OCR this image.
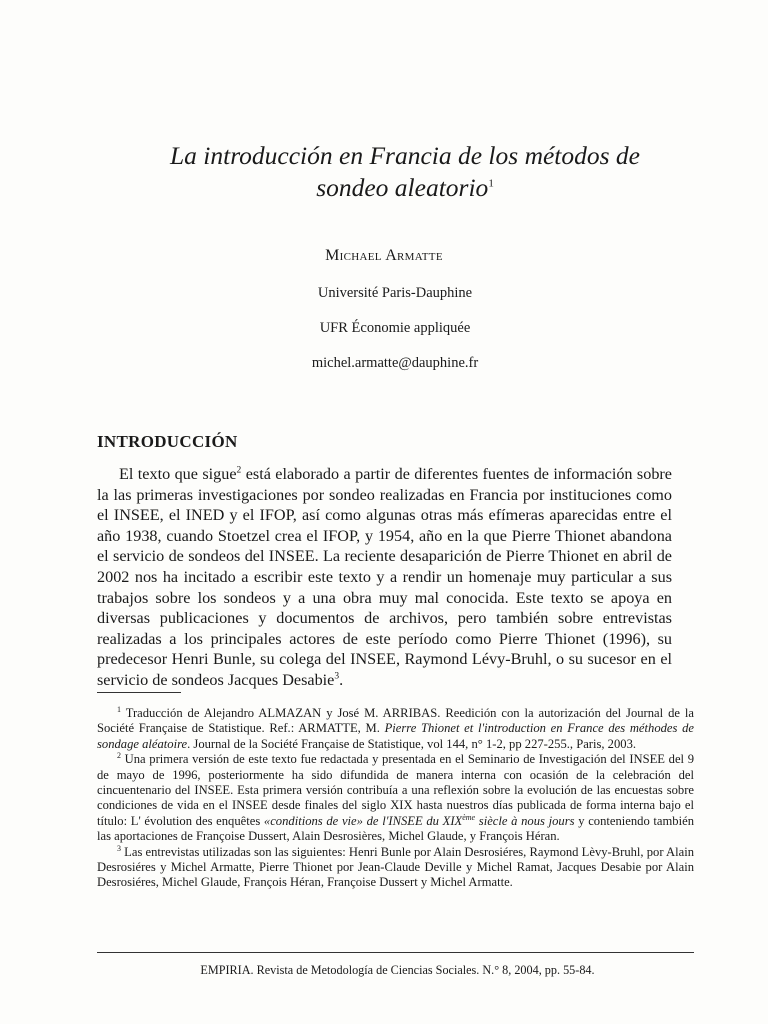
La introducción en Francia de los métodos de
sondeo aleatorio$^1$
Michael Armatte
Université Paris-Dauphine
UFR Économie appliquée
michel.armatte@dauphine.fr
INTRODUCCIÓN
El texto que sigue$^2$ está elaborado a partir de diferentes fuentes de información sobre la las primeras investigaciones por sondeo realizadas en Francia por instituciones como el INSEE, el INED y el IFOP, así como algunas otras más efímeras aparecidas entre el año 1938, cuando Stoetzel crea el IFOP, y 1954, año en la que Pierre Thionet abandona el servicio de sondeos del INSEE. La reciente desaparición de Pierre Thionet en abril de 2002 nos ha incitado a escribir este texto y a rendir un homenaje muy particular a sus trabajos sobre los sondeos y a una obra muy mal conocida. Este texto se apoya en diversas publicaciones y documentos de archivos, pero también sobre entrevistas realizadas a los principales actores de este período como Pierre Thionet (1996), su predecesor Henri Bunle, su colega del INSEE, Raymond Lévy-Bruhl, o su sucesor en el servicio de sondeos Jacques Desabie$^3$.
$^1$ Traducción de Alejandro ALMAZAN y José M. ARRIBAS. Reedición con la autorización del Journal de la Société Française de Statistique. Ref.: ARMATTE, M. Pierre Thionet et l'introduction en France des méthodes de sondage aléatoire. Journal de la Société Française de Statistique, vol 144, n° 1-2, pp 227-255., Paris, 2003.
$^2$ Una primera versión de este texto fue redactada y presentada en el Seminario de Investigación del INSEE del 9 de mayo de 1996, posteriormente ha sido difundida de manera interna con ocasión de la celebración del cincuentenario del INSEE. Esta primera versión contribuía a una reflexión sobre la evolución de las encuestas sobre condiciones de vida en el INSEE desde finales del siglo XIX hasta nuestros días publicada de forma interna bajo el título: L' évolution des enquêtes «conditions de vie» de l'INSEE du XIXème siècle à nous jours y conteniendo también las aportaciones de Françoise Dussert, Alain Desrosières, Michel Glaude, y François Héran.
$^3$ Las entrevistas utilizadas son las siguientes: Henri Bunle por Alain Desrosiéres, Raymond Lèvy-Bruhl, por Alain Desrosiéres y Michel Armatte, Pierre Thionet por Jean-Claude Deville y Michel Ramat, Jacques Desabie por Alain Desrosiéres, Michel Glaude, François Héran, Françoise Dussert y Michel Armatte.
EMPIRIA. Revista de Metodología de Ciencias Sociales. N.° 8, 2004, pp. 55-84.
